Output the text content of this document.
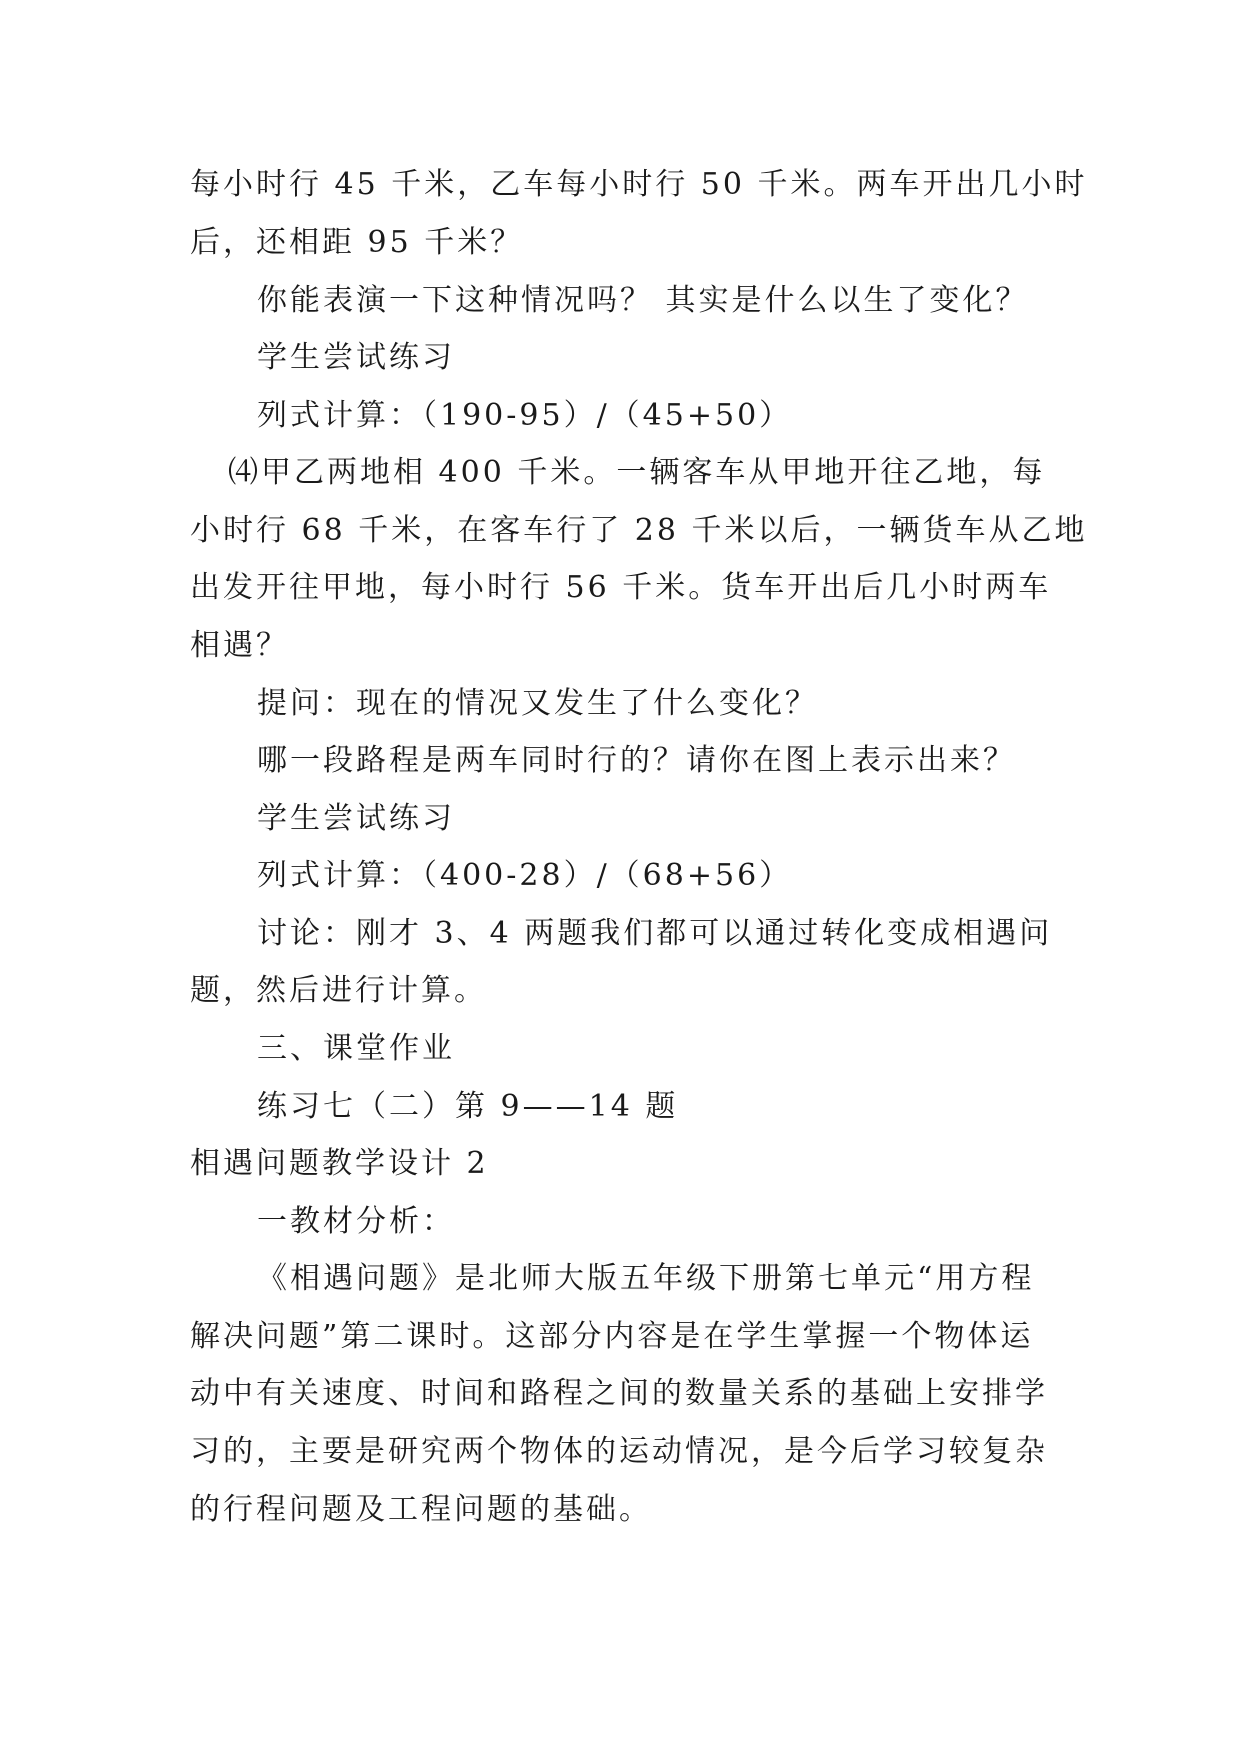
每小时行 45 千米，乙车每小时行 50 千米。两车开出几小时
后，还相距 95 千米？
你能表演一下这种情况吗？ 其实是什么以生了变化？
学生尝试练习
列式计算：（190-95）/（45+50）
⑷甲乙两地相 400 千米。一辆客车从甲地开往乙地，每
小时行 68 千米，在客车行了 28 千米以后，一辆货车从乙地
出发开往甲地，每小时行 56 千米。货车开出后几小时两车
相遇？
提问：现在的情况又发生了什么变化？
哪一段路程是两车同时行的？请你在图上表示出来？
学生尝试练习
列式计算：（400-28）/（68+56）
讨论：刚才 3、4 两题我们都可以通过转化变成相遇问
题，然后进行计算。
三、课堂作业
练习七（二）第 9——14 题
相遇问题教学设计 2
一教材分析：
《相遇问题》是北师大版五年级下册第七单元“用方程
解决问题”第二课时。这部分内容是在学生掌握一个物体运
动中有关速度、时间和路程之间的数量关系的基础上安排学
习的，主要是研究两个物体的运动情况，是今后学习较复杂
的行程问题及工程问题的基础。
